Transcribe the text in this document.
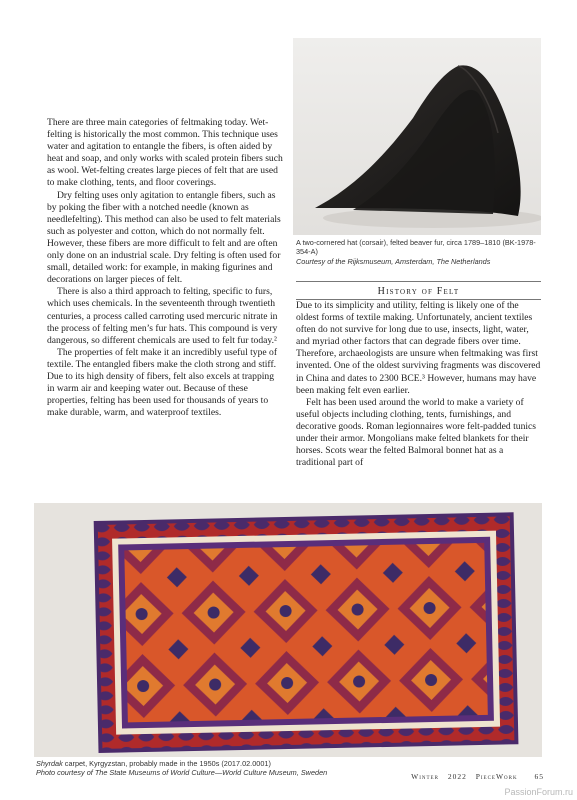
There are three main categories of feltmaking today. Wet-felting is historically the most common. This technique uses water and agitation to entangle the fibers, is often aided by heat and soap, and only works with scaled protein fibers such as wool. Wet-felting creates large pieces of felt that are used to make clothing, tents, and floor coverings.

Dry felting uses only agitation to entangle fibers, such as by poking the fiber with a notched needle (known as needlefelting). This method can also be used to felt materials such as polyester and cotton, which do not normally felt. However, these fibers are more difficult to felt and are often only done on an industrial scale. Dry felting is often used for small, detailed work: for example, in making figurines and decorations on larger pieces of felt.

There is also a third approach to felting, specific to furs, which uses chemicals. In the seventeenth through twentieth centuries, a process called carroting used mercuric nitrate in the process of felting men’s fur hats. This compound is very dangerous, so different chemicals are used to felt fur today.²

The properties of felt make it an incredibly useful type of textile. The entangled fibers make the cloth strong and stiff. Due to its high density of fibers, felt also excels at trapping in warm air and keeping water out. Because of these properties, felting has been used for thousands of years to make durable, warm, and waterproof textiles.

A two-cornered hat (corsair), felted beaver fur, circa 1789–1810 (BK-1978-354-A)
Courtesy of the Rijksmuseum, Amsterdam, The Netherlands
History of Felt

Due to its simplicity and utility, felting is likely one of the oldest forms of textile making. Unfortunately, ancient textiles often do not survive for long due to use, insects, light, water, and myriad other factors that can degrade fibers over time. Therefore, archaeologists are unsure when feltmaking was first invented. One of the oldest surviving fragments was discovered in China and dates to 2300 BCE.³ However, humans may have been making felt even earlier.

Felt has been used around the world to make a variety of useful objects including clothing, tents, furnishings, and decorative goods. Roman legionnaires wore felt-padded tunics under their armor. Mongolians make felted blankets for their horses. Scots wear the felted Balmoral bonnet hat as a traditional part of

Shyrdak carpet, Kyrgyzstan, probably made in the 1950s (2017.02.0001)
Photo courtesy of The State Museums of World Culture—World Culture Museum, Sweden	Winter 2022 PieceWork 65
PassionForum.ru
